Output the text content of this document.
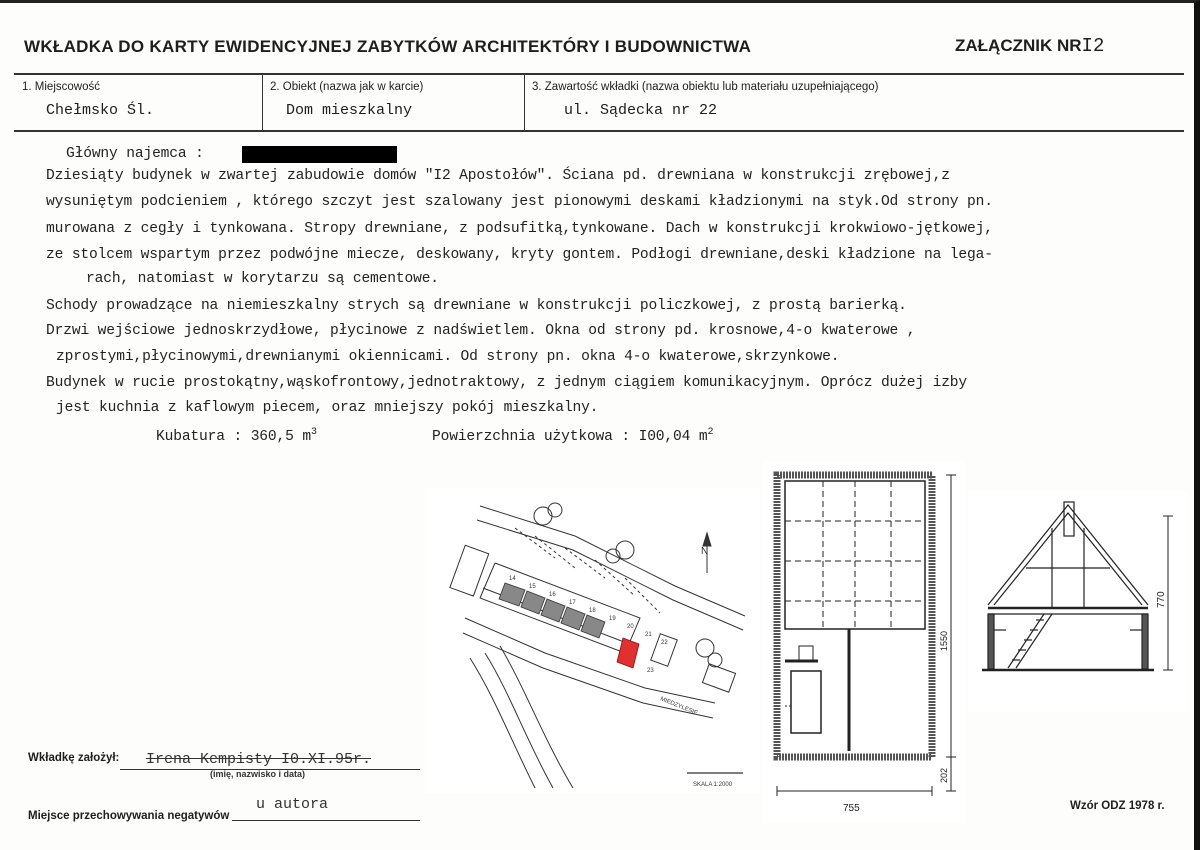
WKŁADKA DO KARTY EWIDENCYJNEJ ZABYTKÓW ARCHITEKTÓRY I BUDOWNICTWA	ZAŁĄCZNIK NRI2
1. Miejscowość
Chełmsko Śl.
2. Obiekt (nazwa jak w karcie)
Dom mieszkalny
3. Zawartość wkładki (nazwa obiektu lub materiału uzupełniającego)
ul. Sądecka nr 22
Główny najemca :
Dziesiąty budynek w zwartej zabudowie domów "I2 Apostołów". Ściana pd. drewniana w konstrukcji zrębowej,z
wysuniętym podcieniem , którego szczyt jest szalowany jest pionowymi deskami kładzionymi na styk.Od strony pn.
murowana z cegły i tynkowana. Stropy drewniane, z podsufitką,tynkowane. Dach w konstrukcji krokwiowo-jętkowej,
ze stolcem wspartym przez podwójne miecze, deskowany, kryty gontem. Podłogi drewniane,deski kładzione na lega-
rach, natomiast w korytarzu są cementowe.
Schody prowadzące na niemieszkalny strych są drewniane w konstrukcji policzkowej, z prostą barierką.
Drzwi wejściowe jednoskrzydłowe, płycinowe z nadświetlem. Okna od strony pd. krosnowe,4-o kwaterowe ,
zprostymi,płycinowymi,drewnianymi okiennicami. Od strony pn. okna 4-o kwaterowe,skrzynkowe.
Budynek w rucie prostokątny,wąskofrontowy,jednotraktowy, z jednym ciągiem komunikacyjnym. Oprócz dużej izby
jest kuchnia z kaflowym piecem, oraz mniejszy pokój mieszkalny.
Kubatura : 360,5 $m^3$	Powierzchnia użytkowa : I00,04 $m^2$
N
14
15
16
17
18
19
20
21
22
23
MIEDZYLESIE
SKALA 1:2000
755
1550
202
770
Wkładkę założył: Irena Kempisty I0.XI.95r.
(imię, nazwisko i data)
Miejsce przechowywania negatywów
u autora	Wzór ODZ 1978 r.
